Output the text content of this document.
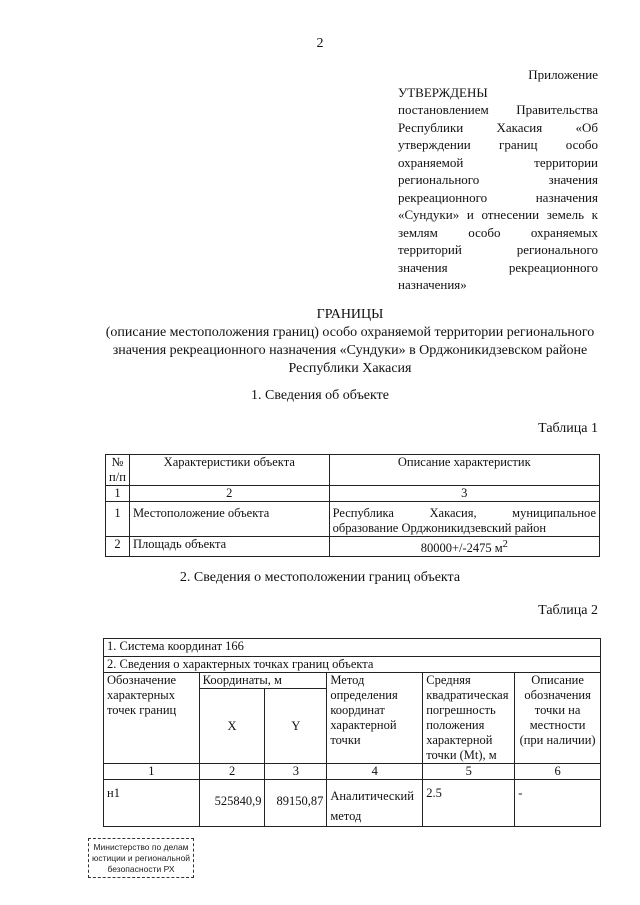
2
Приложение
УТВЕРЖДЕНЫ
постановлением Правительства
Республики Хакасия «Об
утверждении границ особо
охраняемой территории
регионального значения
рекреационного назначения
«Сундуки» и отнесении земель к
землям особо охраняемых
территорий регионального
значения рекреационного
назначения»
ГРАНИЦЫ
(описание местоположения границ) особо охраняемой территории регионального
значения рекреационного назначения «Сундуки» в Орджоникидзевском районе
Республики Хакасия
1. Сведения об объекте
Таблица 1
№
п/п	Характеристики объекта	Описание характеристик
1	2	3
1	Местоположение объекта	Республика Хакасия, муниципальное
образование Орджоникидзевский район

2	Площадь объекта	80000+/-2475 $м^2$
2. Сведения о местоположении границ объекта
Таблица 2
1. Система координат 166					
2. Сведения о характерных точках границ объекта					
Обозначение характерных точек границ	Координаты, м		Метод определения координат характерной точки	Средняя квадратическая погрешность положения характерной точки (Mt), м	Описание обозначения точки на местности (при наличии)
	X	Y			
1	2	3	4	5	6
н1	525840,9	89150,87	Аналитический метод	2.5	-
Министерство по делам
юстиции и региональной
безопасности РХ
